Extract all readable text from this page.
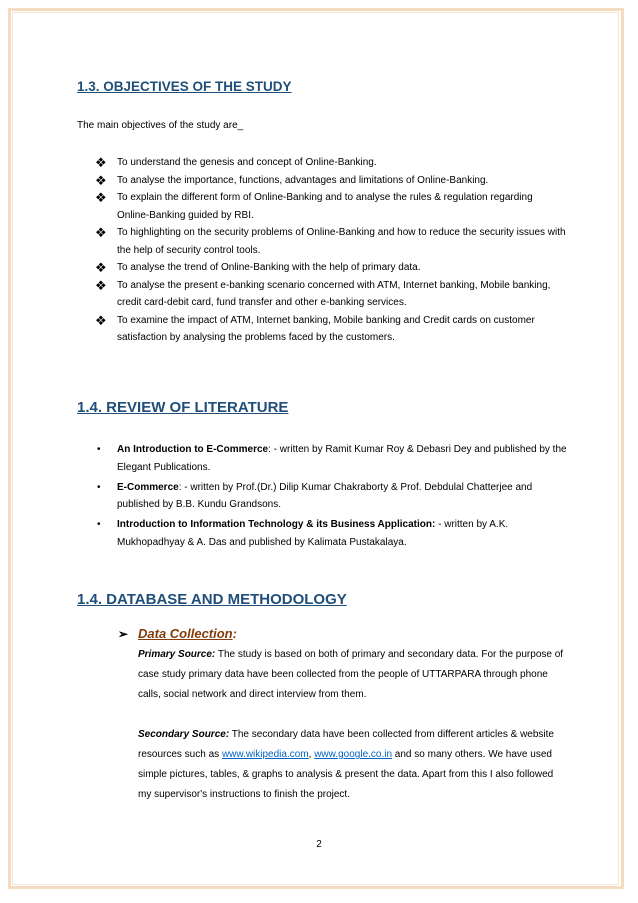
1.3. OBJECTIVES OF THE STUDY
The main objectives of the study are_
❖ To understand the genesis and concept of Online-Banking.
❖ To analyse the importance, functions, advantages and limitations of Online-Banking.
❖ To explain the different form of Online-Banking and to analyse the rules & regulation regarding Online-Banking guided by RBI.
❖ To highlighting on the security problems of Online-Banking and how to reduce the security issues with the help of security control tools.
❖ To analyse the trend of Online-Banking with the help of primary data.
❖ To analyse the present e-banking scenario concerned with ATM, Internet banking, Mobile banking, credit card-debit card, fund transfer and other e-banking services.
❖ To examine the impact of ATM, Internet banking, Mobile banking and Credit cards on customer satisfaction by analysing the problems faced by the customers.
1.4. REVIEW OF LITERATURE
• An Introduction to E-Commerce: - written by Ramit Kumar Roy & Debasri Dey and published by the Elegant Publications.
• E-Commerce: - written by Prof.(Dr.) Dilip Kumar Chakraborty & Prof. Debdulal Chatterjee and published by B.B. Kundu Grandsons.
• Introduction to Information Technology & its Business Application: - written by A.K. Mukhopadhyay & A. Das and published by Kalimata Pustakalaya.
1.4. DATABASE AND METHODOLOGY
➢ Data Collection:
Primary Source: The study is based on both of primary and secondary data. For the purpose of case study primary data have been collected from the people of UTTARPARA through phone calls, social network and direct interview from them.
Secondary Source: The secondary data have been collected from different articles & website resources such as www.wikipedia.com, www.google.co.in and so many others. We have used simple pictures, tables, & graphs to analysis & present the data. Apart from this I also followed my supervisor's instructions to finish the project.
2
